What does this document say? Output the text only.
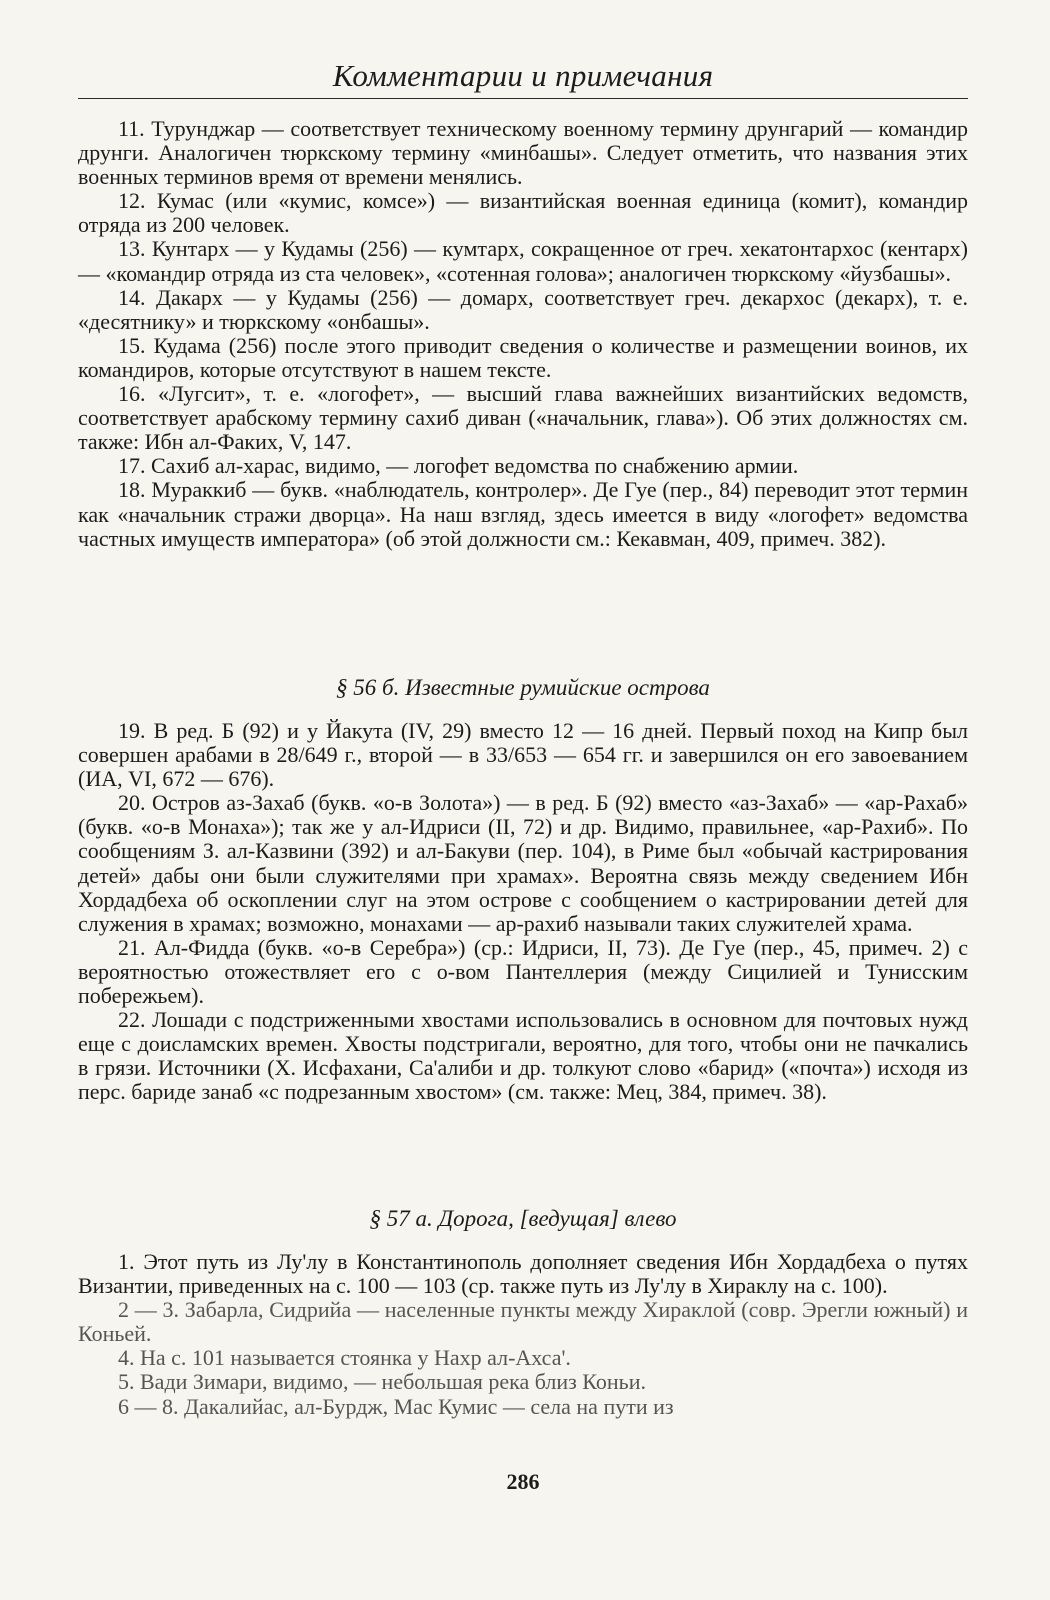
Комментарии и примечания

11. Турунджар — соответствует техническому военному термину друнгарий — командир друнги. Аналогичен тюркскому термину «минбашы». Следует отметить, что названия этих военных терминов время от времени менялись.

12. Кумас (или «кумис, комсе») — византийская военная единица (комит), командир отряда из 200 человек.

13. Кунтарх — у Кудамы (256) — кумтарх, сокращенное от греч. хекатонтархос (кентарх) — «командир отряда из ста человек», «сотенная голова»; аналогичен тюркскому «йузбашы».

14. Дакарх — у Кудамы (256) — домарх, соответствует греч. декархос (декарх), т. е. «десятнику» и тюркскому «онбашы».

15. Кудама (256) после этого приводит сведения о количестве и размещении воинов, их командиров, которые отсутствуют в нашем тексте.

16. «Лугсит», т. е. «логофет», — высший глава важнейших византийских ведомств, соответствует арабскому термину сахиб диван («начальник, глава»). Об этих должностях см. также: Ибн ал-Факих, V, 147.

17. Сахиб ал-харас, видимо, — логофет ведомства по снабжению армии.

18. Мураккиб — букв. «наблюдатель, контролер». Де Гуе (пер., 84) переводит этот термин как «начальник стражи дворца». На наш взгляд, здесь имеется в виду «логофет» ведомства частных имуществ императора» (об этой должности см.: Кекавман, 409, примеч. 382).

§ 56 б. Известные румийские острова

19. В ред. Б (92) и у Йакута (IV, 29) вместо 12 — 16 дней. Первый поход на Кипр был совершен арабами в 28/649 г., второй — в 33/653 — 654 гг. и завершился он его завоеванием (ИА, VI, 672 — 676).

20. Остров аз-Захаб (букв. «о-в Золота») — в ред. Б (92) вместо «аз-Захаб» — «ар-Рахаб» (букв. «о-в Монаха»); так же у ал-Идриси (II, 72) и др. Видимо, правильнее, «ар-Рахиб». По сообщениям З. ал-Казвини (392) и ал-Бакуви (пер. 104), в Риме был «обычай кастрирования детей» дабы они были служителями при храмах». Вероятна связь между сведением Ибн Хордадбеха об оскоплении слуг на этом острове с сообщением о кастрировании детей для служения в храмах; возможно, монахами — ар-рахиб называли таких служителей храма.

21. Ал-Фидда (букв. «о-в Серебра») (ср.: Идриси, II, 73). Де Гуе (пер., 45, примеч. 2) с вероятностью отожествляет его с о-вом Пантеллерия (между Сицилией и Тунисским побережьем).

22. Лошади с подстриженными хвостами использовались в основном для почтовых нужд еще с доисламских времен. Хвосты подстригали, вероятно, для того, чтобы они не пачкались в грязи. Источники (Х. Исфахани, Са'алиби и др. толкуют слово «барид» («почта») исходя из перс. бариде занаб «с подрезанным хвостом» (см. также: Мец, 384, примеч. 38).

§ 57 а. Дорога, [ведущая] влево

1. Этот путь из Лу'лу в Константинополь дополняет сведения Ибн Хордадбеха о путях Византии, приведенных на с. 100 — 103 (ср. также путь из Лу'лу в Хираклу на с. 100).

2 — 3. Забарла, Сидрийа — населенные пункты между Хираклой (совр. Эрегли южный) и Коньей.

4. На с. 101 называется стоянка у Нахр ал-Ахса'.

5. Вади Зимари, видимо, — небольшая река близ Коньи.

6 — 8. Дакалийас, ал-Бурдж, Мас Кумис — села на пути из

286
